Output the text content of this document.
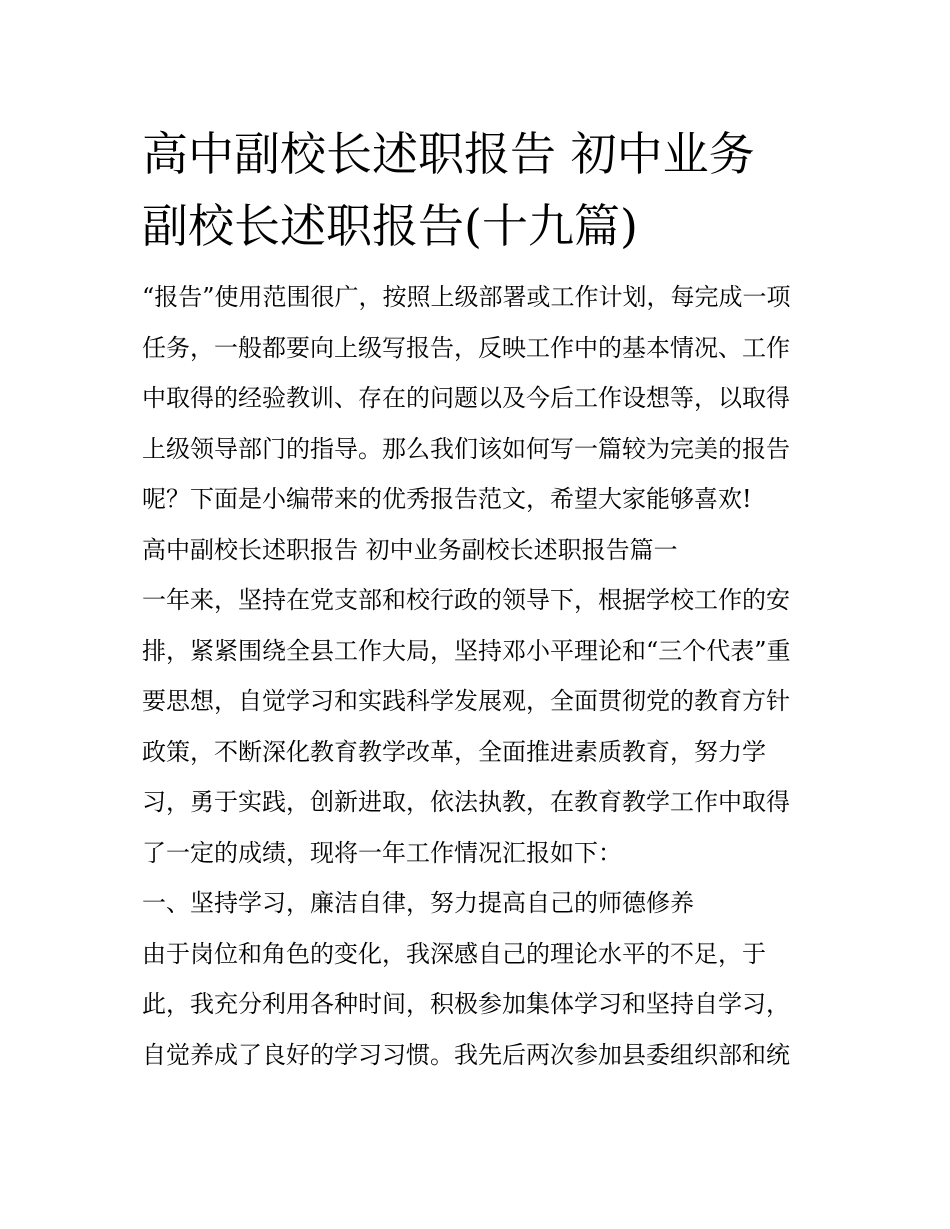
高中副校长述职报告 初中业务
副校长述职报告(十九篇)
“报告”使用范围很广，按照上级部署或工作计划，每完成一项
任务，一般都要向上级写报告，反映工作中的基本情况、工作
中取得的经验教训、存在的问题以及今后工作设想等，以取得
上级领导部门的指导。那么我们该如何写一篇较为完美的报告
呢？下面是小编带来的优秀报告范文，希望大家能够喜欢!
高中副校长述职报告 初中业务副校长述职报告篇一
一年来，坚持在党支部和校行政的领导下，根据学校工作的安
排，紧紧围绕全县工作大局，坚持邓小平理论和“三个代表”重
要思想，自觉学习和实践科学发展观，全面贯彻党的教育方针
政策，不断深化教育教学改革，全面推进素质教育，努力学
习，勇于实践，创新进取，依法执教，在教育教学工作中取得
了一定的成绩，现将一年工作情况汇报如下：
一、坚持学习，廉洁自律，努力提高自己的师德修养
由于岗位和角色的变化，我深感自己的理论水平的不足，于
此，我充分利用各种时间，积极参加集体学习和坚持自学习，
自觉养成了良好的学习习惯。我先后两次参加县委组织部和统
